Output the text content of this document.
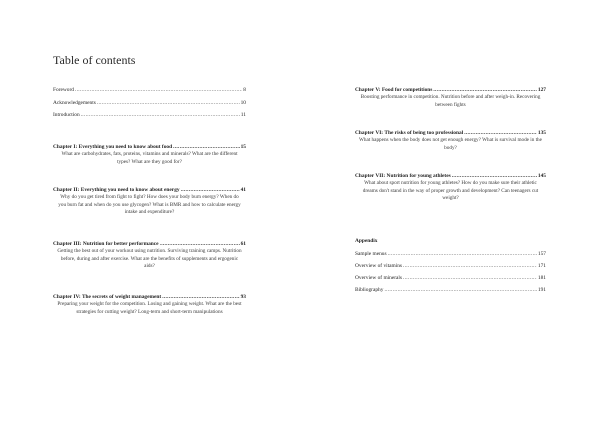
Table of contents
Foreword .....	8
Acknowledgements .....	10
Introduction .....	11
Chapter I: Everything you need to know about food .....	15
What are carbohydrates, fats, proteins, vitamins and minerals? What are the different types? What are they good for?
Chapter II: Everything you need to know about energy .....	41
Why do you get tired from fight to fight? How does your body burn energy? When do you burn fat and when do you use glycogen? What is BMR and how to calculate energy intake and expenditure?
Chapter III: Nutrition for better performance .....	61
Getting the best out of your workout using nutrition. Surviving training camps. Nutrition before, during and after exercise. What are the benefits of supplements and ergogenic aids?
Chapter IV: The secrets of weight management .....	93
Preparing your weight for the competition. Losing and gaining weight. What are the best strategies for cutting weight? Long-term and short-term manipulations
Chapter V: Food for competitions .....	127
Boosting performance in competition. Nutrition before and after weigh-in. Recovering between fights
Chapter VI: The risks of being too professional .....	135
What happens when the body does not get enough energy? What is survival mode in the body?
Chapter VII: Nutrition for young athletes .....	145
What about sport nutrition for young athletes? How do you make sure their athletic dreams don't stand in the way of proper growth and development? Can teenagers cut weight?
Appendix
Sample menus .....	157
Overview of vitamins .....	171
Overview of minerals .....	181
Bibliography .....	191
